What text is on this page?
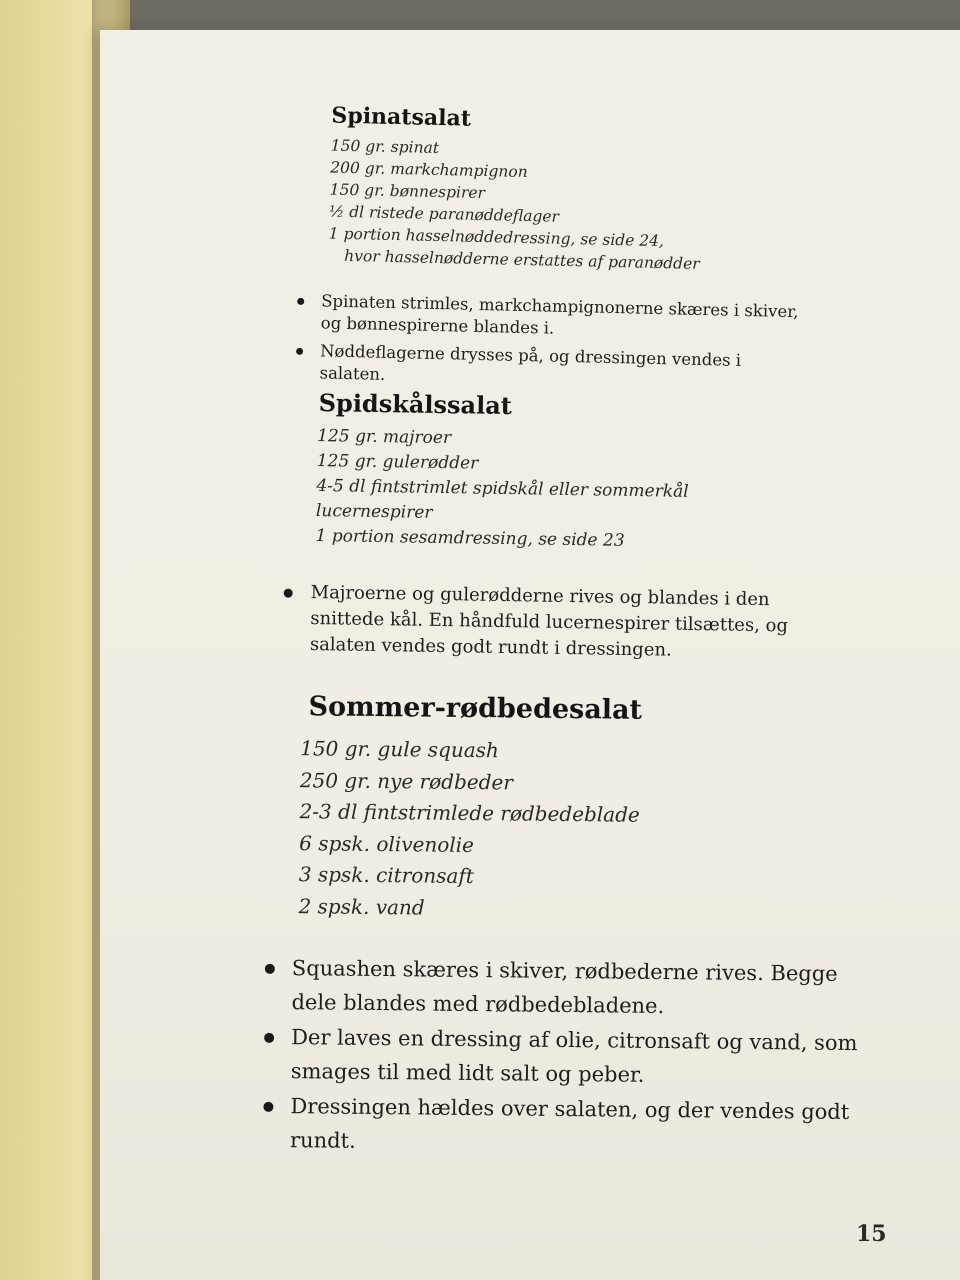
Spinatsalat
150 gr. spinat
200 gr. markchampignon
150 gr. bønnespirer
½ dl ristede paranøddeflager
1 portion hasselnøddedressing, se side 24,
hvor hasselnødderne erstattes af paranødder
Spinaten strimles, markchampignonerne skæres i skiver, og bønnespirerne blandes i.
Nøddeflagerne drysses på, og dressingen vendes i salaten.
Spidskålssalat
125 gr. majroer
125 gr. gulerødder
4-5 dl fintstrimlet spidskål eller sommerkål
lucernespirer
1 portion sesamdressing, se side 23
Majroerne og gulerødderne rives og blandes i den snittede kål. En håndfuld lucernespirer tilsættes, og salaten vendes godt rundt i dressingen.
Sommer-rødbedesalat
150 gr. gule squash
250 gr. nye rødbeder
2-3 dl fintstrimlede rødbedeblade
6 spsk. olivenolie
3 spsk. citronsaft
2 spsk. vand
Squashen skæres i skiver, rødbederne rives. Begge dele blandes med rødbedebladene.
Der laves en dressing af olie, citronsaft og vand, som smages til med lidt salt og peber.
Dressingen hældes over salaten, og der vendes godt rundt.
15
